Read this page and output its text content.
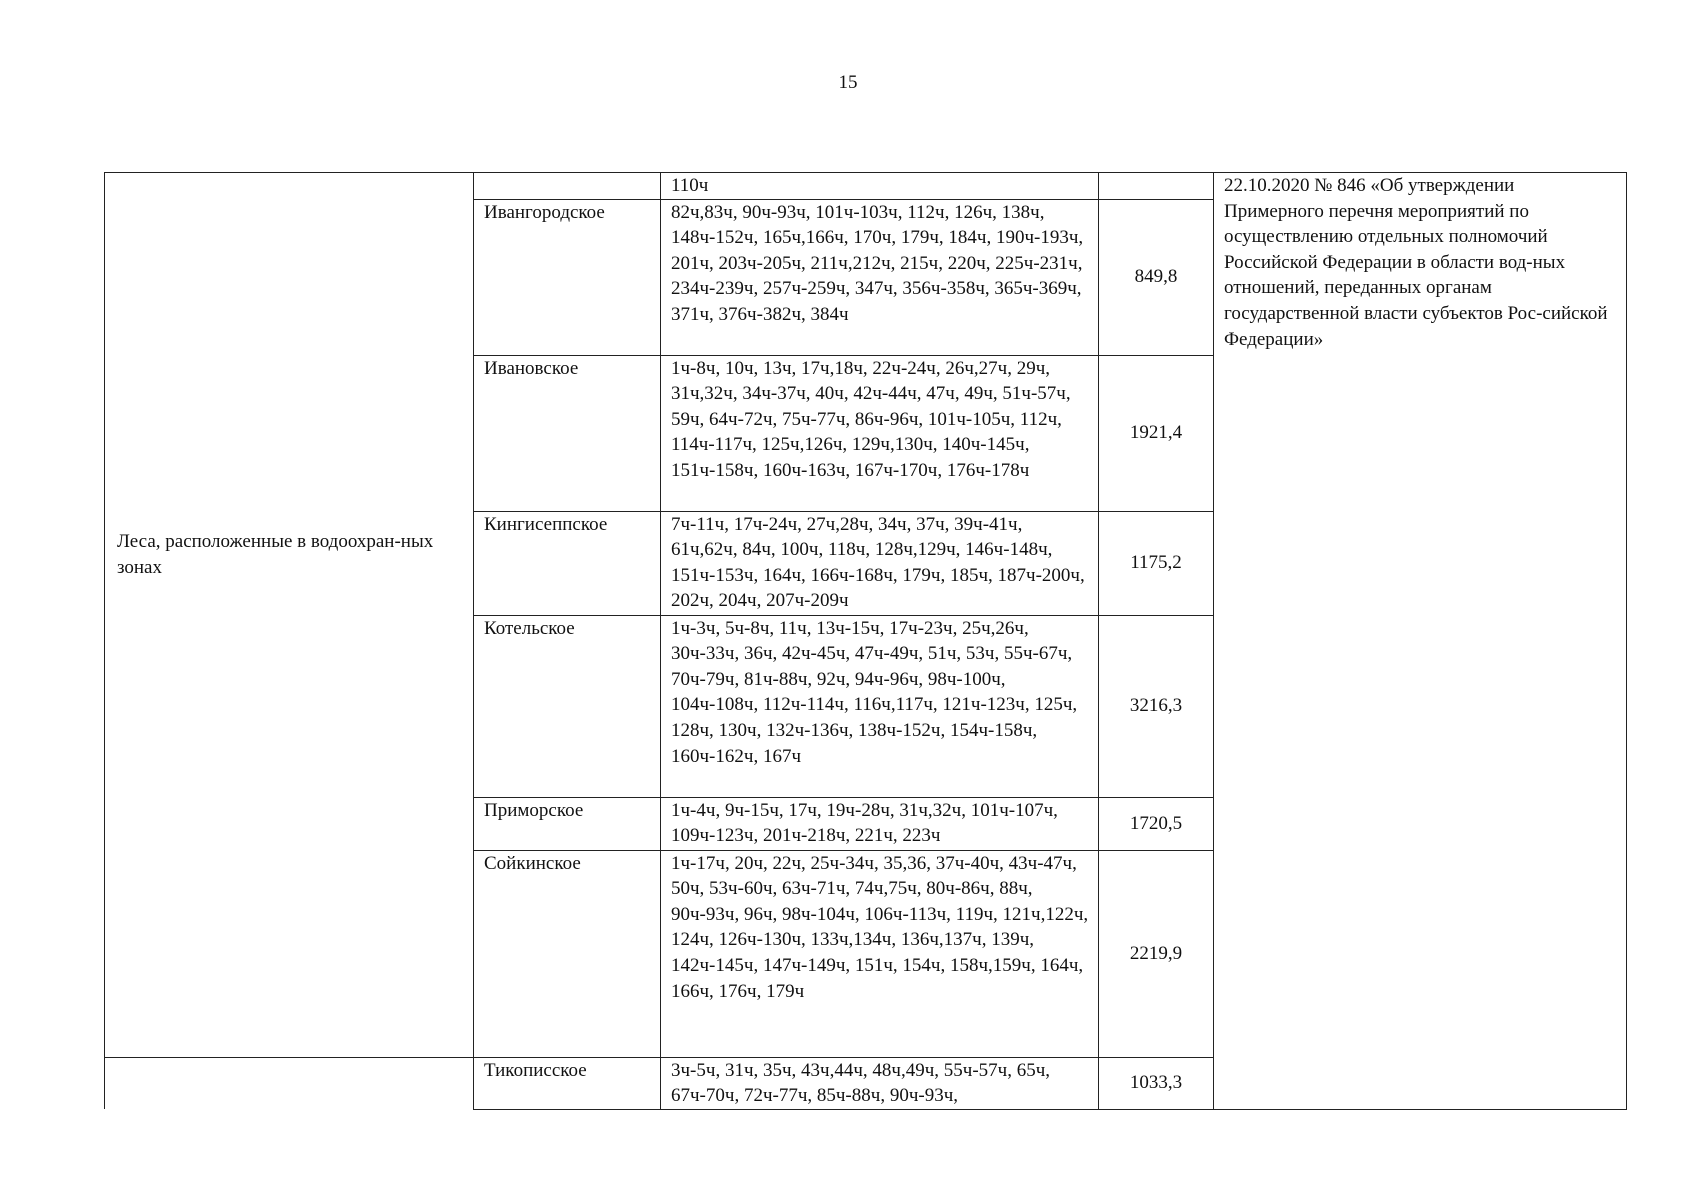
15
Леса, расположенные в водоохран-ных зонах		110ч		22.10.2020 № 846 «Об утверждении Примерного перечня мероприятий по осуществлению отдельных полномочий Российской Федерации в области вод-ных отношений, переданных органам государственной власти субъектов Рос-сийской Федерации»
	Ивангородское	82ч,83ч, 90ч-93ч, 101ч-103ч, 112ч, 126ч, 138ч, 148ч-152ч, 165ч,166ч, 170ч, 179ч, 184ч, 190ч-193ч, 201ч, 203ч-205ч, 211ч,212ч, 215ч, 220ч, 225ч-231ч, 234ч-239ч, 257ч-259ч, 347ч, 356ч-358ч, 365ч-369ч, 371ч, 376ч-382ч, 384ч	849,8	
	Ивановское	1ч-8ч, 10ч, 13ч, 17ч,18ч, 22ч-24ч, 26ч,27ч, 29ч, 31ч,32ч, 34ч-37ч, 40ч, 42ч-44ч, 47ч, 49ч, 51ч-57ч, 59ч, 64ч-72ч, 75ч-77ч, 86ч-96ч, 101ч-105ч, 112ч, 114ч-117ч, 125ч,126ч, 129ч,130ч, 140ч-145ч, 151ч-158ч, 160ч-163ч, 167ч-170ч, 176ч-178ч	1921,4	
	Кингисеппское	7ч-11ч, 17ч-24ч, 27ч,28ч, 34ч, 37ч, 39ч-41ч, 61ч,62ч, 84ч, 100ч, 118ч, 128ч,129ч, 146ч-148ч, 151ч-153ч, 164ч, 166ч-168ч, 179ч, 185ч, 187ч-200ч, 202ч, 204ч, 207ч-209ч	1175,2	
	Котельское	1ч-3ч, 5ч-8ч, 11ч, 13ч-15ч, 17ч-23ч, 25ч,26ч, 30ч-33ч, 36ч, 42ч-45ч, 47ч-49ч, 51ч, 53ч, 55ч-67ч, 70ч-79ч, 81ч-88ч, 92ч, 94ч-96ч, 98ч-100ч, 104ч-108ч, 112ч-114ч, 116ч,117ч, 121ч-123ч, 125ч, 128ч, 130ч, 132ч-136ч, 138ч-152ч, 154ч-158ч, 160ч-162ч, 167ч	3216,3	
	Приморское	1ч-4ч, 9ч-15ч, 17ч, 19ч-28ч, 31ч,32ч, 101ч-107ч, 109ч-123ч, 201ч-218ч, 221ч, 223ч	1720,5	
	Сойкинское	1ч-17ч, 20ч, 22ч, 25ч-34ч, 35,36, 37ч-40ч, 43ч-47ч, 50ч, 53ч-60ч, 63ч-71ч, 74ч,75ч, 80ч-86ч, 88ч, 90ч-93ч, 96ч, 98ч-104ч, 106ч-113ч, 119ч, 121ч,122ч, 124ч, 126ч-130ч, 133ч,134ч, 136ч,137ч, 139ч, 142ч-145ч, 147ч-149ч, 151ч, 154ч, 158ч,159ч, 164ч, 166ч, 176ч, 179ч	2219,9	
	Тикописское	3ч-5ч, 31ч, 35ч, 43ч,44ч, 48ч,49ч, 55ч-57ч, 65ч, 67ч-70ч, 72ч-77ч, 85ч-88ч, 90ч-93ч,	1033,3	
